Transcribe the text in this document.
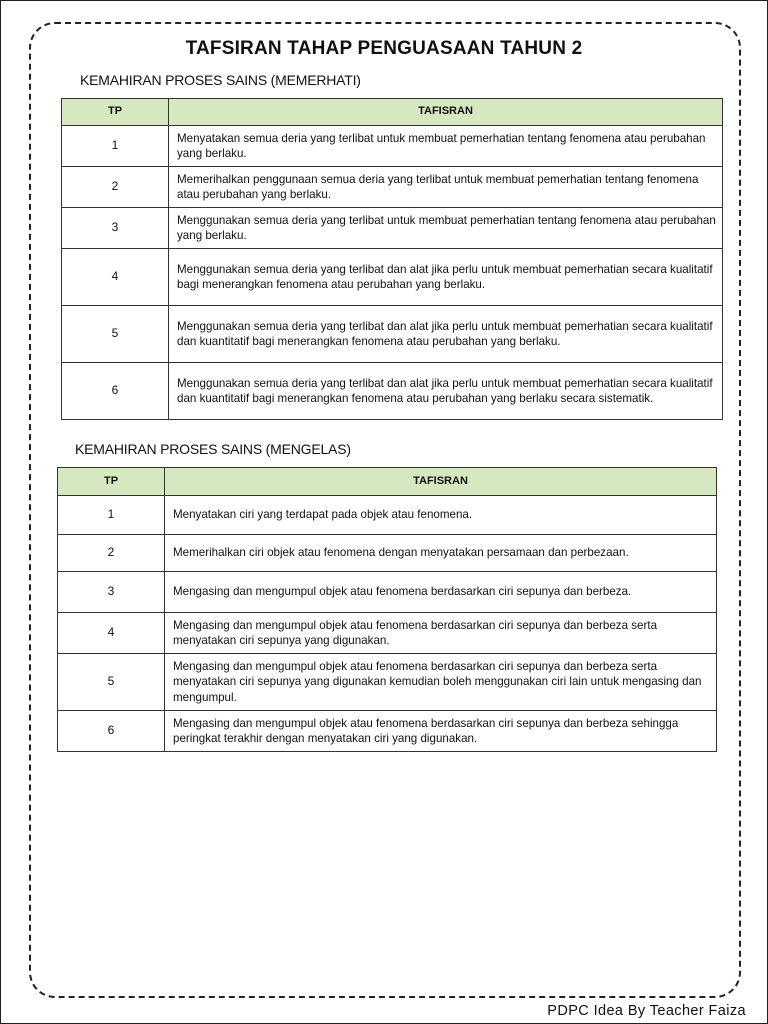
TAFSIRAN TAHAP PENGUASAAN TAHUN 2
KEMAHIRAN PROSES SAINS (MEMERHATI)
TP	TAFISRAN
1	Menyatakan semua deria yang terlibat untuk membuat pemerhatian tentang fenomena atau perubahan yang berlaku.
2	Memerihalkan penggunaan semua deria yang terlibat untuk membuat pemerhatian tentang fenomena atau perubahan yang berlaku.
3	Menggunakan semua deria yang terlibat untuk membuat pemerhatian tentang fenomena atau perubahan yang berlaku.
4	Menggunakan semua deria yang terlibat dan alat jika perlu untuk membuat pemerhatian secara kualitatif bagi menerangkan fenomena atau perubahan yang berlaku.
5	Menggunakan semua deria yang terlibat dan alat jika perlu untuk membuat pemerhatian secara kualitatif dan kuantitatif bagi menerangkan fenomena atau perubahan yang berlaku.
6	Menggunakan semua deria yang terlibat dan alat jika perlu untuk membuat pemerhatian secara kualitatif dan kuantitatif bagi menerangkan fenomena atau perubahan yang berlaku secara sistematik.
KEMAHIRAN PROSES SAINS (MENGELAS)
TP	TAFISRAN
1	Menyatakan ciri yang terdapat pada objek atau fenomena.
2	Memerihalkan ciri objek atau fenomena dengan menyatakan persamaan dan perbezaan.
3	Mengasing dan mengumpul objek atau fenomena berdasarkan ciri sepunya dan berbeza.
4	Mengasing dan mengumpul objek atau fenomena berdasarkan ciri sepunya dan berbeza serta menyatakan ciri sepunya yang digunakan.
5	Mengasing dan mengumpul objek atau fenomena berdasarkan ciri sepunya dan berbeza serta menyatakan ciri sepunya yang digunakan kemudian boleh menggunakan ciri lain untuk mengasing dan mengumpul.
6	Mengasing dan mengumpul objek atau fenomena berdasarkan ciri sepunya dan berbeza sehingga peringkat terakhir dengan menyatakan ciri yang digunakan.
PDPC Idea By Teacher Faiza
